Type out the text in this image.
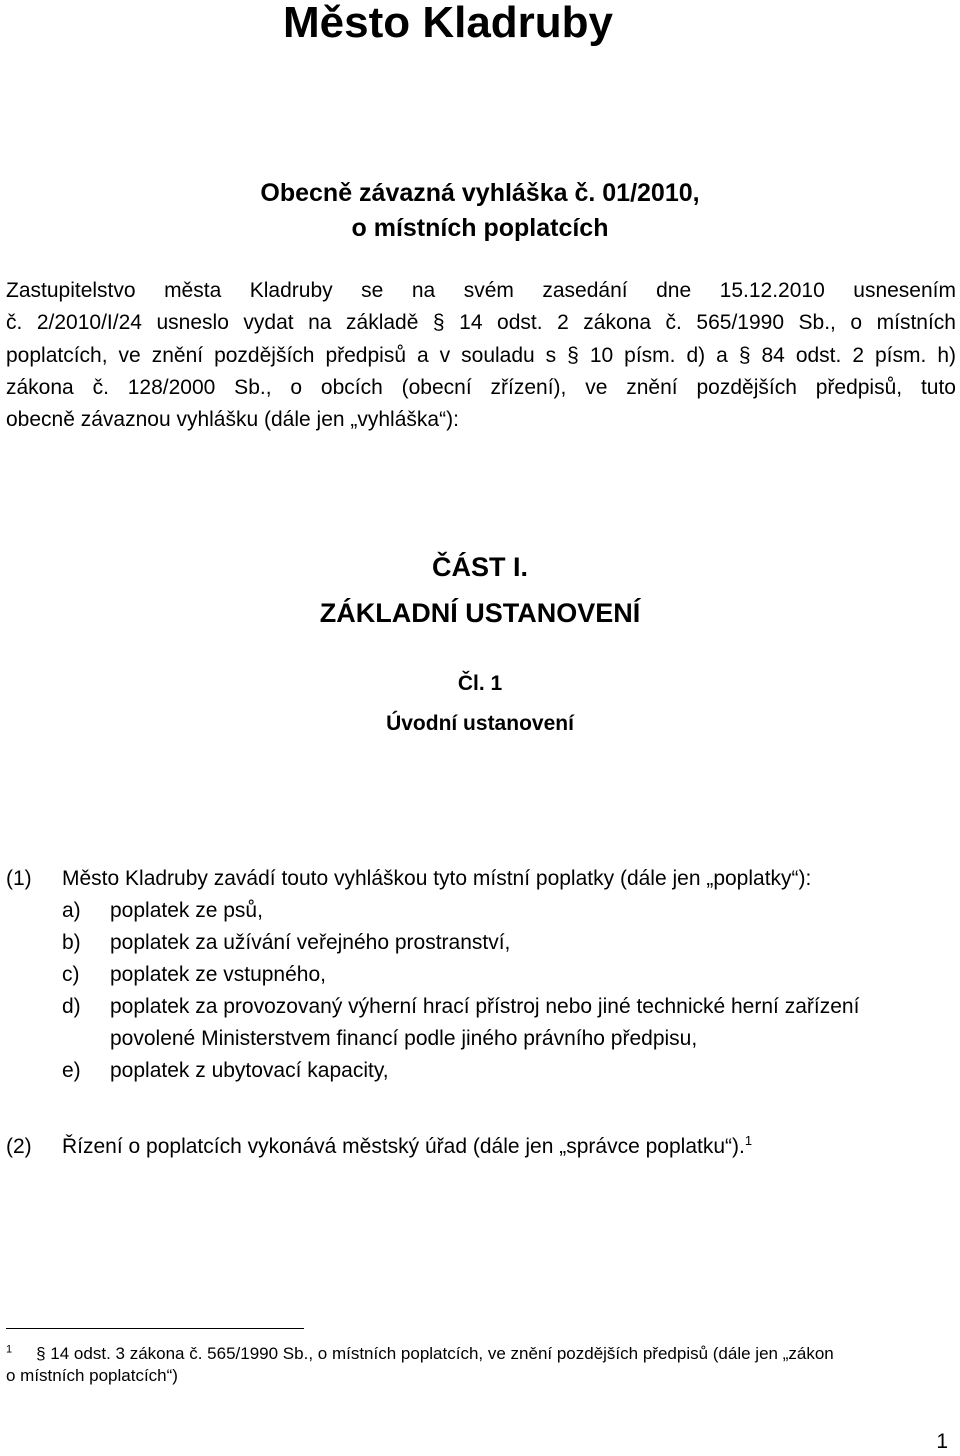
Město Kladruby
Obecně závazná vyhláška č. 01/2010,
o místních poplatcích
Zastupitelstvo města Kladruby se na svém zasedání dne 15.12.2010 usnesením
č. 2/2010/I/24 usneslo vydat na základě § 14 odst. 2 zákona č. 565/1990 Sb., o místních
poplatcích, ve znění pozdějších předpisů a v souladu s § 10 písm. d) a § 84 odst. 2 písm. h)
zákona č. 128/2000 Sb., o obcích (obecní zřízení), ve znění pozdějších předpisů, tuto
obecně závaznou vyhlášku (dále jen „vyhláška“):
ČÁST I.
ZÁKLADNÍ USTANOVENÍ
Čl. 1
Úvodní ustanovení
(1) Město Kladruby zavádí touto vyhláškou tyto místní poplatky (dále jen „poplatky“):
a) poplatek ze psů,
b) poplatek za užívání veřejného prostranství,
c) poplatek ze vstupného,
d) poplatek za provozovaný výherní hrací přístroj nebo jiné technické herní zařízení
povolené Ministerstvem financí podle jiného právního předpisu,
e) poplatek z ubytovací kapacity,
(2) Řízení o poplatcích vykonává městský úřad (dále jen „správce poplatku“).$^1$
$^1$ § 14 odst. 3 zákona č. 565/1990 Sb., o místních poplatcích, ve znění pozdějších předpisů (dále jen „zákon
o místních poplatcích“)
1
